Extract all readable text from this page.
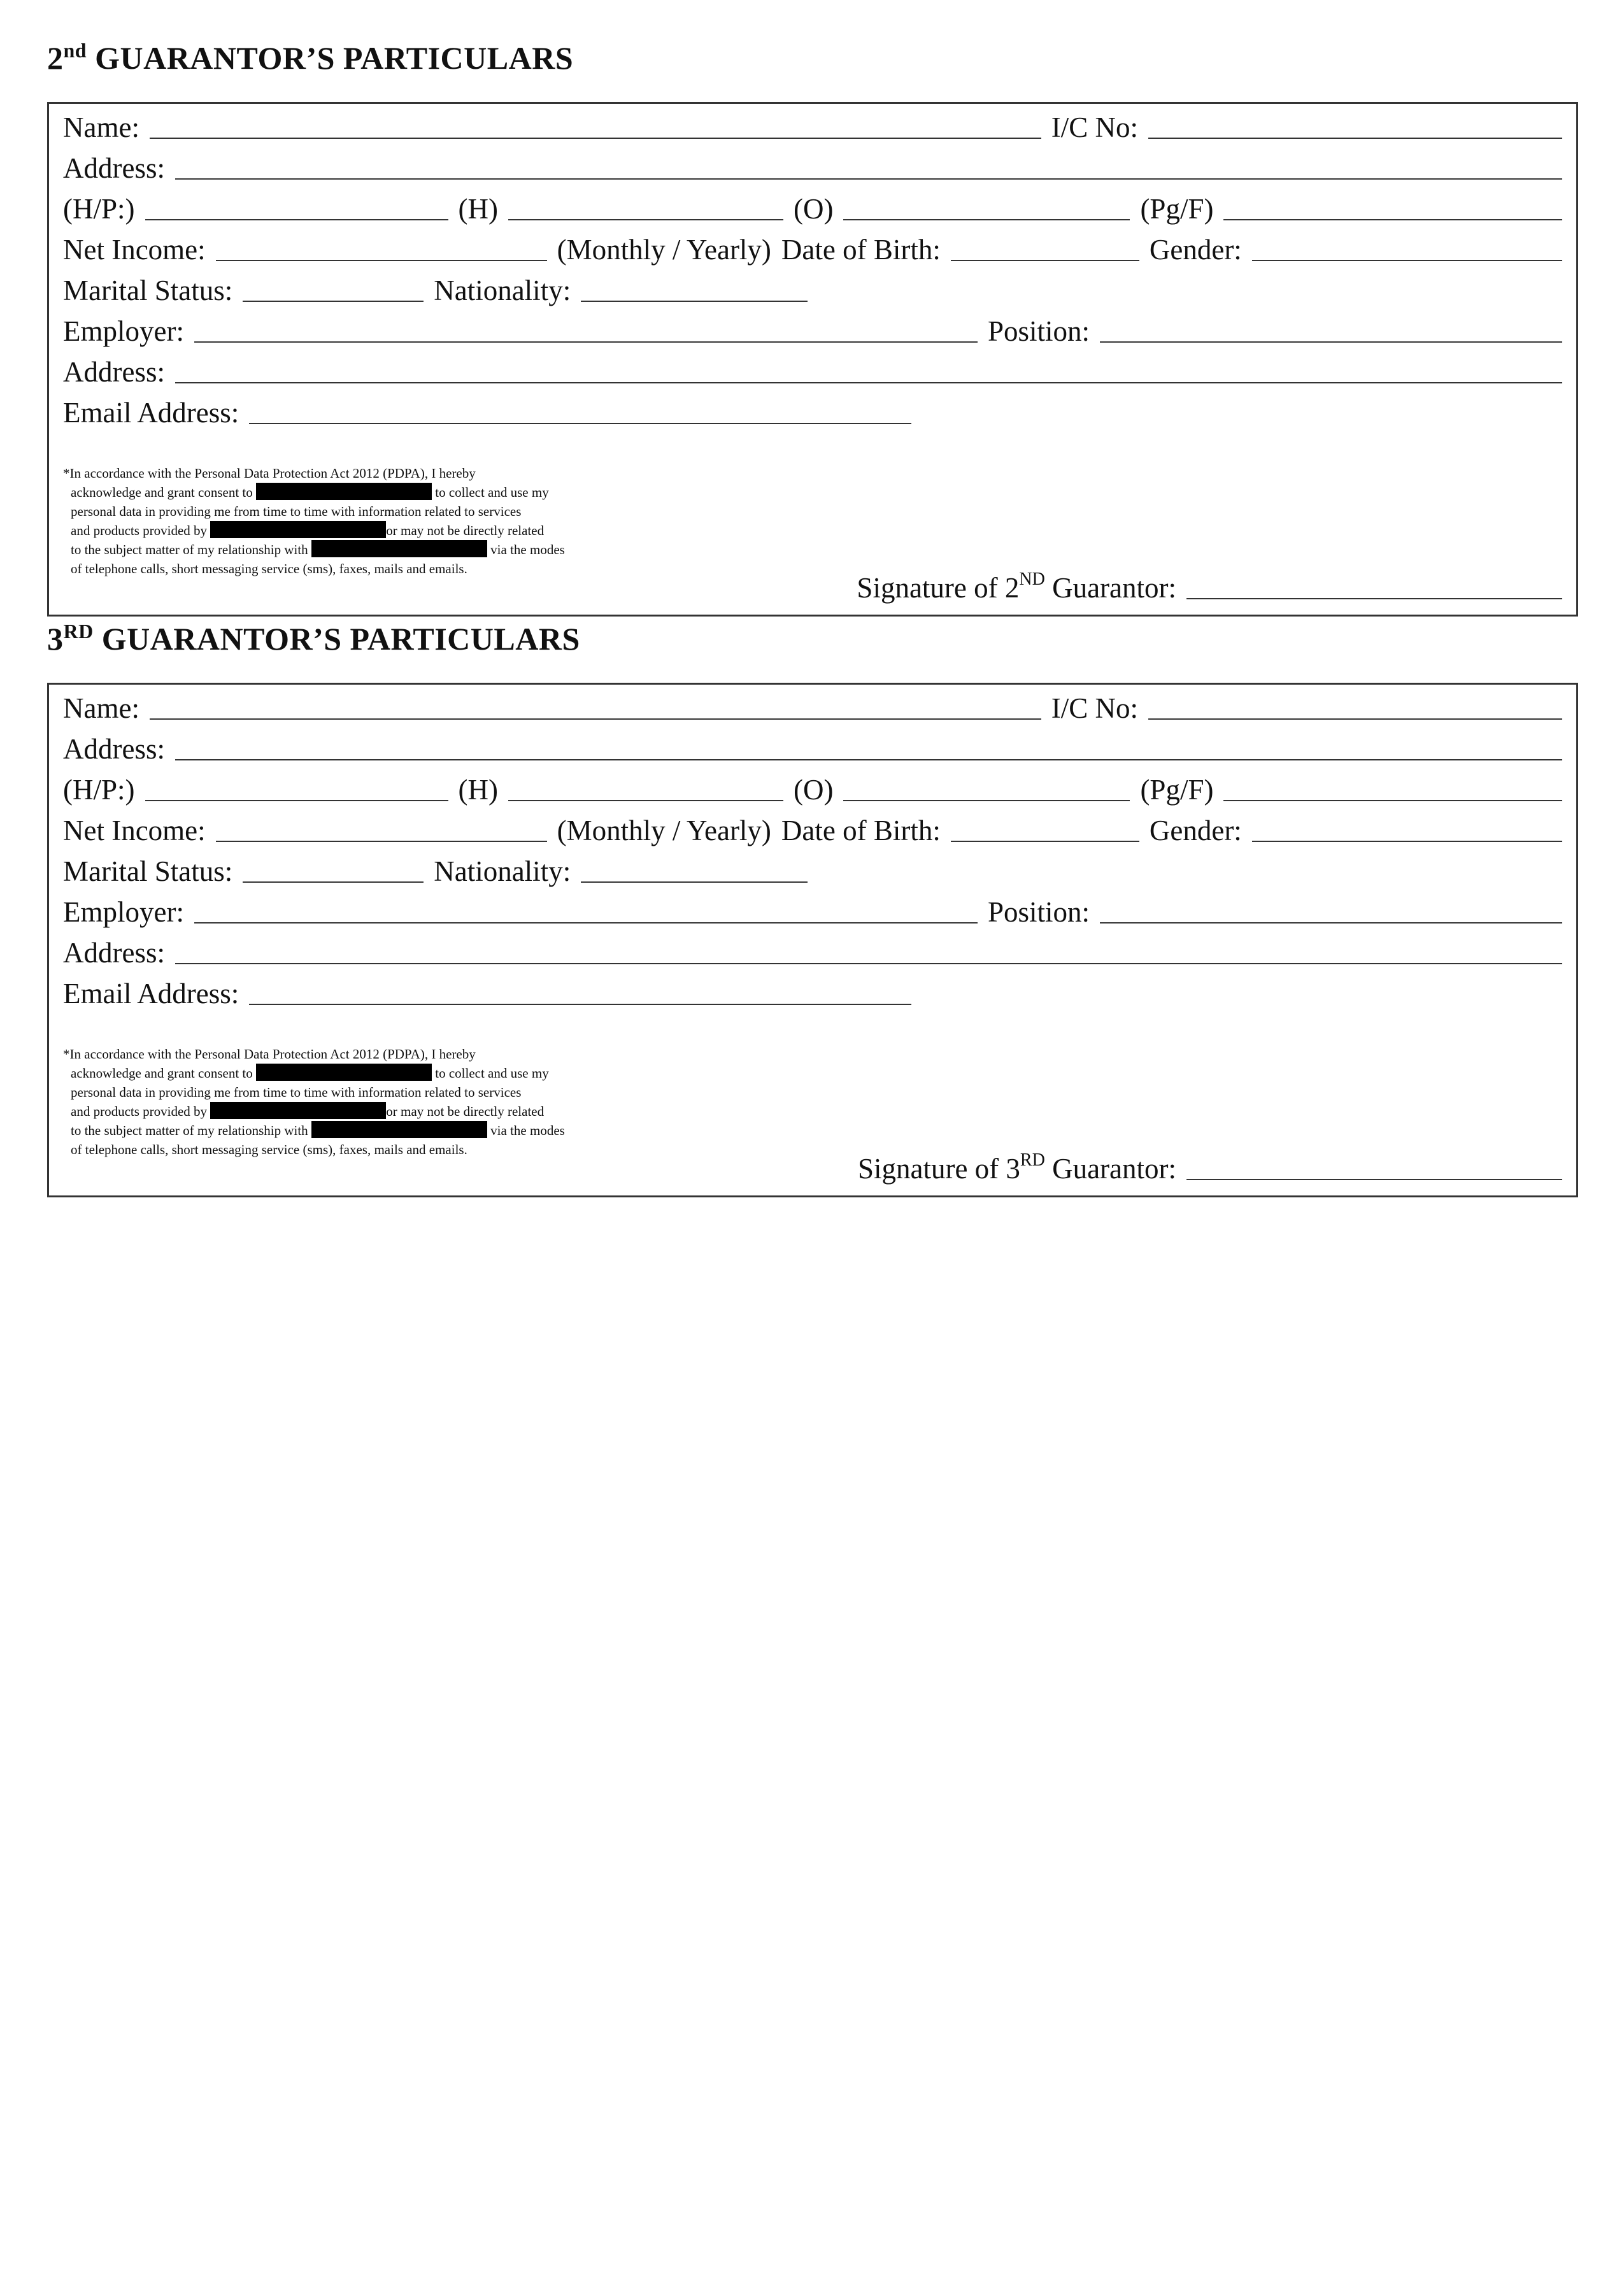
2nd GUARANTOR’S PARTICULARS
Name:	I/C No:
Address:
(H/P:)	(H)	(O)	(Pg/F)
Net Income:	(Monthly / Yearly) Date of Birth:	Gender:
Marital Status:	Nationality:
Employer:	Position:
Address:
Email Address:
*In accordance with the Personal Data Protection Act 2012 (PDPA), I hereby
acknowledge and grant consent to	to collect and use my
personal data in providing me from time to time with information related to services
and products provided by	or may not be directly related
to the subject matter of my relationship with	via the modes
of telephone calls, short messaging service (sms), faxes, mails and emails.
Signature of 2ND Guarantor:
3RD GUARANTOR’S PARTICULARS
Name:	I/C No:
Address:
(H/P:)	(H)	(O)	(Pg/F)
Net Income:	(Monthly / Yearly) Date of Birth:	Gender:
Marital Status:	Nationality:
Employer:	Position:
Address:
Email Address:
*In accordance with the Personal Data Protection Act 2012 (PDPA), I hereby
acknowledge and grant consent to	to collect and use my
personal data in providing me from time to time with information related to services
and products provided by	or may not be directly related
to the subject matter of my relationship with	via the modes
of telephone calls, short messaging service (sms), faxes, mails and emails.
Signature of 3RD Guarantor:
